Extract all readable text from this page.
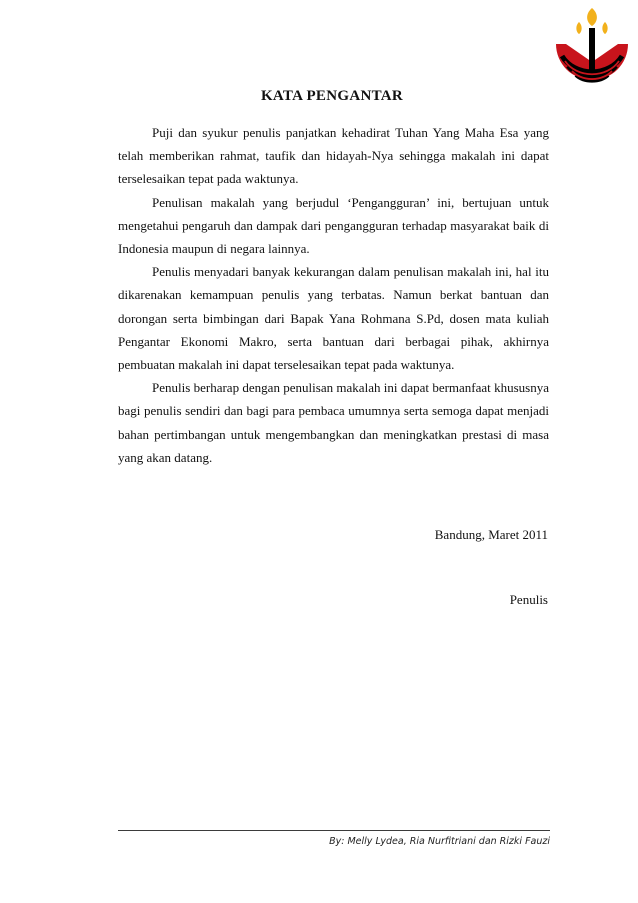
KATA PENGANTAR

Puji dan syukur penulis panjatkan kehadirat Tuhan Yang Maha Esa yang telah memberikan rahmat, taufik dan hidayah-Nya sehingga makalah ini dapat terselesaikan tepat pada waktunya.

Penulisan makalah yang berjudul ‘Pengangguran’ ini, bertujuan untuk mengetahui pengaruh dan dampak dari pengangguran terhadap masyarakat baik di Indonesia maupun di negara lainnya.

Penulis menyadari banyak kekurangan dalam penulisan makalah ini, hal itu dikarenakan kemampuan penulis yang terbatas. Namun berkat bantuan dan dorongan serta bimbingan dari Bapak Yana Rohmana S.Pd, dosen mata kuliah Pengantar Ekonomi Makro, serta bantuan dari berbagai pihak, akhirnya pembuatan makalah ini dapat terselesaikan tepat pada waktunya.

Penulis berharap dengan penulisan makalah ini dapat bermanfaat khususnya bagi penulis sendiri dan bagi para pembaca umumnya serta semoga dapat menjadi bahan pertimbangan untuk mengembangkan dan meningkatkan prestasi di masa yang akan datang.

Bandung, Maret 2011
Penulis
By: Melly Lydea, Ria Nurfitriani dan Rizki Fauzi
